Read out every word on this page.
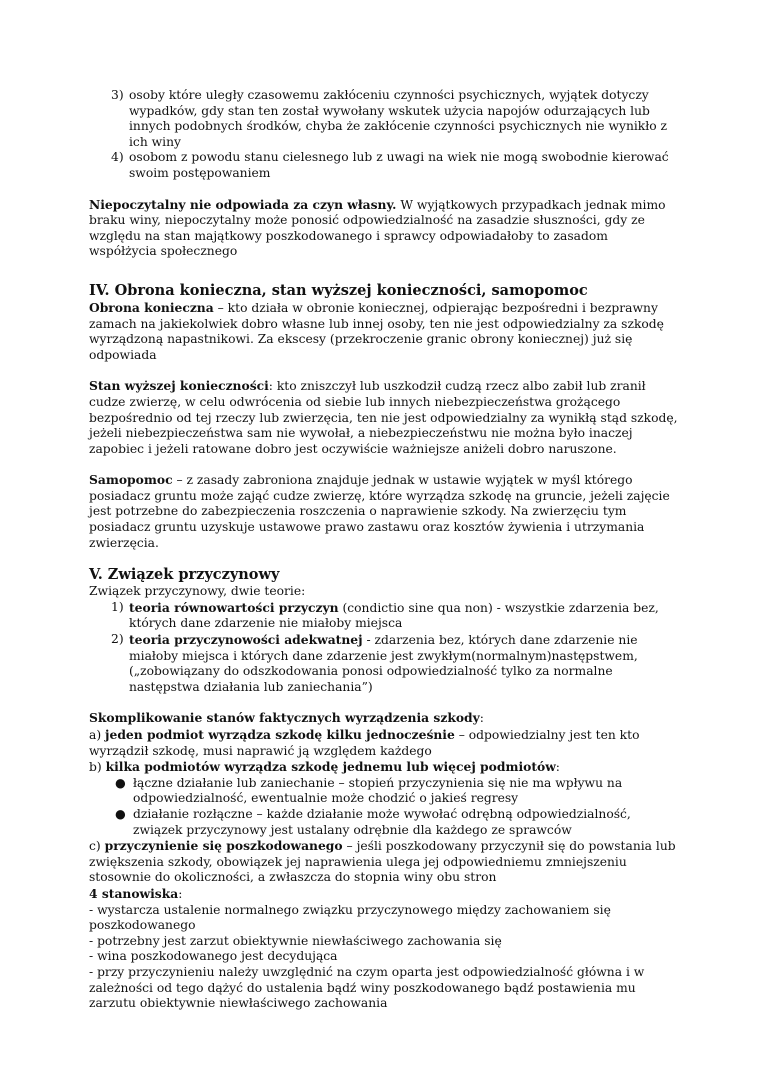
3) osoby które uległy czasowemu zakłóceniu czynności psychicznych, wyjątek dotyczy wypadków, gdy stan ten został wywołany wskutek użycia napojów odurzających lub innych podobnych środków, chyba że zakłócenie czynności psychicznych nie wynikło z ich winy
4) osobom z powodu stanu cielesnego lub z uwagi na wiek nie mogą swobodnie kierować swoim postępowaniem

Niepoczytalny nie odpowiada za czyn własny. W wyjątkowych przypadkach jednak mimo braku winy, niepoczytalny może ponosić odpowiedzialność na zasadzie słuszności, gdy ze względu na stan majątkowy poszkodowanego i sprawcy odpowiadałoby to zasadom współżycia społecznego

IV. Obrona konieczna, stan wyższej konieczności, samopomoc

Obrona konieczna – kto działa w obronie koniecznej, odpierając bezpośredni i bezprawny zamach na jakiekolwiek dobro własne lub innej osoby, ten nie jest odpowiedzialny za szkodę wyrządzoną napastnikowi. Za ekscesy (przekroczenie granic obrony koniecznej) już się odpowiada

Stan wyższej konieczności: kto zniszczył lub uszkodził cudzą rzecz albo zabił lub zranił cudze zwierzę, w celu odwrócenia od siebie lub innych niebezpieczeństwa grożącego bezpośrednio od tej rzeczy lub zwierzęcia, ten nie jest odpowiedzialny za wynikłą stąd szkodę, jeżeli niebezpieczeństwa sam nie wywołał, a niebezpieczeństwu nie można było inaczej zapobiec i jeżeli ratowane dobro jest oczywiście ważniejsze aniżeli dobro naruszone.

Samopomoc – z zasady zabroniona znajduje jednak w ustawie wyjątek w myśl którego posiadacz gruntu może zająć cudze zwierzę, które wyrządza szkodę na gruncie, jeżeli zajęcie jest potrzebne do zabezpieczenia roszczenia o naprawienie szkody. Na zwierzęciu tym posiadacz gruntu uzyskuje ustawowe prawo zastawu oraz kosztów żywienia i utrzymania zwierzęcia.

V. Związek przyczynowy

Związek przyczynowy, dwie teorie:

1) teoria równowartości przyczyn (condictio sine qua non) - wszystkie zdarzenia bez, których dane zdarzenie nie miałoby miejsca
2) teoria przyczynowości adekwatnej - zdarzenia bez, których dane zdarzenie nie miałoby miejsca i których dane zdarzenie jest zwykłym(normalnym)następstwem, („zobowiązany do odszkodowania ponosi odpowiedzialność tylko za normalne następstwa działania lub zaniechania”)

Skomplikowanie stanów faktycznych wyrządzenia szkody:

a) jeden podmiot wyrządza szkodę kilku jednocześnie – odpowiedzialny jest ten kto wyrządził szkodę, musi naprawić ją względem każdego

b) kilka podmiotów wyrządza szkodę jednemu lub więcej podmiotów:

● łączne działanie lub zaniechanie – stopień przyczynienia się nie ma wpływu na odpowiedzialność, ewentualnie może chodzić o jakieś regresy
● działanie rozłączne – każde działanie może wywołać odrębną odpowiedzialność, związek przyczynowy jest ustalany odrębnie dla każdego ze sprawców

c) przyczynienie się poszkodowanego – jeśli poszkodowany przyczynił się do powstania lub zwiększenia szkody, obowiązek jej naprawienia ulega jej odpowiedniemu zmniejszeniu stosownie do okoliczności, a zwłaszcza do stopnia winy obu stron

4 stanowiska:

- wystarcza ustalenie normalnego związku przyczynowego między zachowaniem się poszkodowanego

- potrzebny jest zarzut obiektywnie niewłaściwego zachowania się

- wina poszkodowanego jest decydująca

- przy przyczynieniu należy uwzględnić na czym oparta jest odpowiedzialność główna i w zależności od tego dążyć do ustalenia bądź winy poszkodowanego bądź postawienia mu zarzutu obiektywnie niewłaściwego zachowania
